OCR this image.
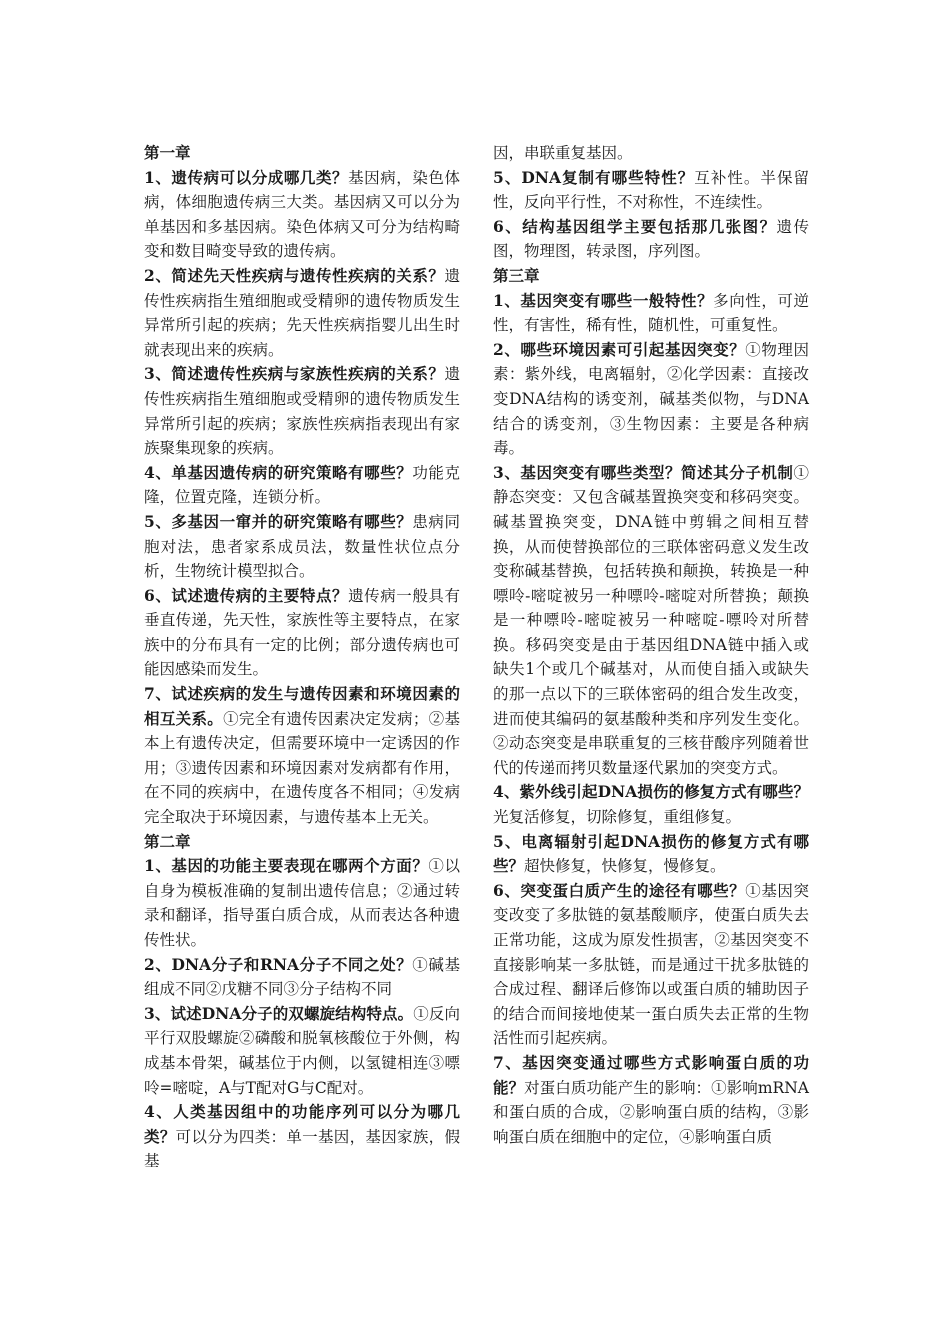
第一章

1、遗传病可以分成哪几类？基因病，染色体病，体细胞遗传病三大类。基因病又可以分为单基因和多基因病。染色体病又可分为结构畸变和数目畸变导致的遗传病。

2、简述先天性疾病与遗传性疾病的关系？遗传性疾病指生殖细胞或受精卵的遗传物质发生异常所引起的疾病；先天性疾病指婴儿出生时就表现出来的疾病。

3、简述遗传性疾病与家族性疾病的关系？遗传性疾病指生殖细胞或受精卵的遗传物质发生异常所引起的疾病；家族性疾病指表现出有家族聚集现象的疾病。

4、单基因遗传病的研究策略有哪些？功能克隆，位置克隆，连锁分析。

5、多基因一窜并的研究策略有哪些？患病同胞对法，患者家系成员法，数量性状位点分析，生物统计模型拟合。

6、试述遗传病的主要特点？遗传病一般具有垂直传递，先天性，家族性等主要特点，在家族中的分布具有一定的比例；部分遗传病也可能因感染而发生。

7、试述疾病的发生与遗传因素和环境因素的相互关系。①完全有遗传因素决定发病；②基本上有遗传决定，但需要环境中一定诱因的作用；③遗传因素和环境因素对发病都有作用，在不同的疾病中，在遗传度各不相同；④发病完全取决于环境因素，与遗传基本上无关。

第二章

1、基因的功能主要表现在哪两个方面？①以自身为模板准确的复制出遗传信息；②通过转录和翻译，指导蛋白质合成，从而表达各种遗传性状。

2、DNA分子和RNA分子不同之处？①碱基组成不同②戊糖不同③分子结构不同

3、试述DNA分子的双螺旋结构特点。①反向平行双股螺旋②磷酸和脱氧核酸位于外侧，构成基本骨架，碱基位于内侧，以氢键相连③嘌呤=嘧啶，A与T配对G与C配对。

4、人类基因组中的功能序列可以分为哪几类？可以分为四类：单一基因，基因家族，假基

因，串联重复基因。

5、DNA复制有哪些特性？互补性。半保留性，反向平行性，不对称性，不连续性。

6、结构基因组学主要包括那几张图？遗传图，物理图，转录图，序列图。

第三章

1、基因突变有哪些一般特性？多向性，可逆性，有害性，稀有性，随机性，可重复性。

2、哪些环境因素可引起基因突变？①物理因素：紫外线，电离辐射，②化学因素：直接改变DNA结构的诱变剂，碱基类似物，与DNA结合的诱变剂，③生物因素：主要是各种病毒。

3、基因突变有哪些类型？简述其分子机制①静态突变：又包含碱基置换突变和移码突变。碱基置换突变，DNA链中剪辑之间相互替换，从而使替换部位的三联体密码意义发生改变称碱基替换，包括转换和颠换，转换是一种嘌呤-嘧啶被另一种嘌呤-嘧啶对所替换；颠换是一种嘌呤-嘧啶被另一种嘧啶-嘌呤对所替换。移码突变是由于基因组DNA链中插入或缺失1个或几个碱基对，从而使自插入或缺失的那一点以下的三联体密码的组合发生改变，进而使其编码的氨基酸种类和序列发生变化。②动态突变是串联重复的三核苷酸序列随着世代的传递而拷贝数量逐代累加的突变方式。

4、紫外线引起DNA损伤的修复方式有哪些？光复活修复，切除修复，重组修复。

5、电离辐射引起DNA损伤的修复方式有哪些？超快修复，快修复，慢修复。

6、突变蛋白质产生的途径有哪些？①基因突变改变了多肽链的氨基酸顺序，使蛋白质失去正常功能，这成为原发性损害，②基因突变不直接影响某一多肽链，而是通过干扰多肽链的合成过程、翻译后修饰以或蛋白质的辅助因子的结合而间接地使某一蛋白质失去正常的生物活性而引起疾病。

7、基因突变通过哪些方式影响蛋白质的功能？对蛋白质功能产生的影响：①影响mRNA和蛋白质的合成，②影响蛋白质的结构，③影响蛋白质在细胞中的定位，④影响蛋白质
